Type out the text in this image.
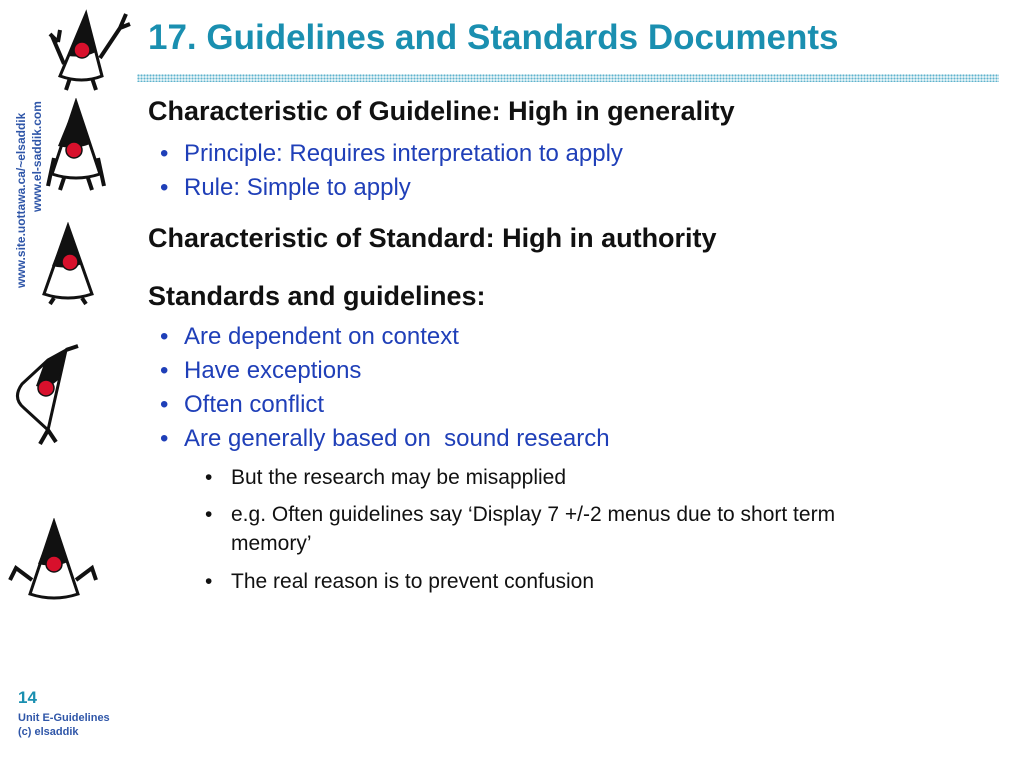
17. Guidelines and Standards Documents
www.site.uottawa.ca/~elsaddik www.el-saddik.com	Characteristic of Guideline: High in generality
• Principle: Requires interpretation to apply
• Rule: Simple to apply
Characteristic of Standard: High in authority
Standards and guidelines:
• Are dependent on context
• Have exceptions
• Often conflict
• Are generally based on  sound research
• But the research may be misapplied
• e.g. Often guidelines say ‘Display 7 +/-2 menus due to short term
memory’
• The real reason is to prevent confusion
14
Unit E-Guidelines
(c) elsaddik
